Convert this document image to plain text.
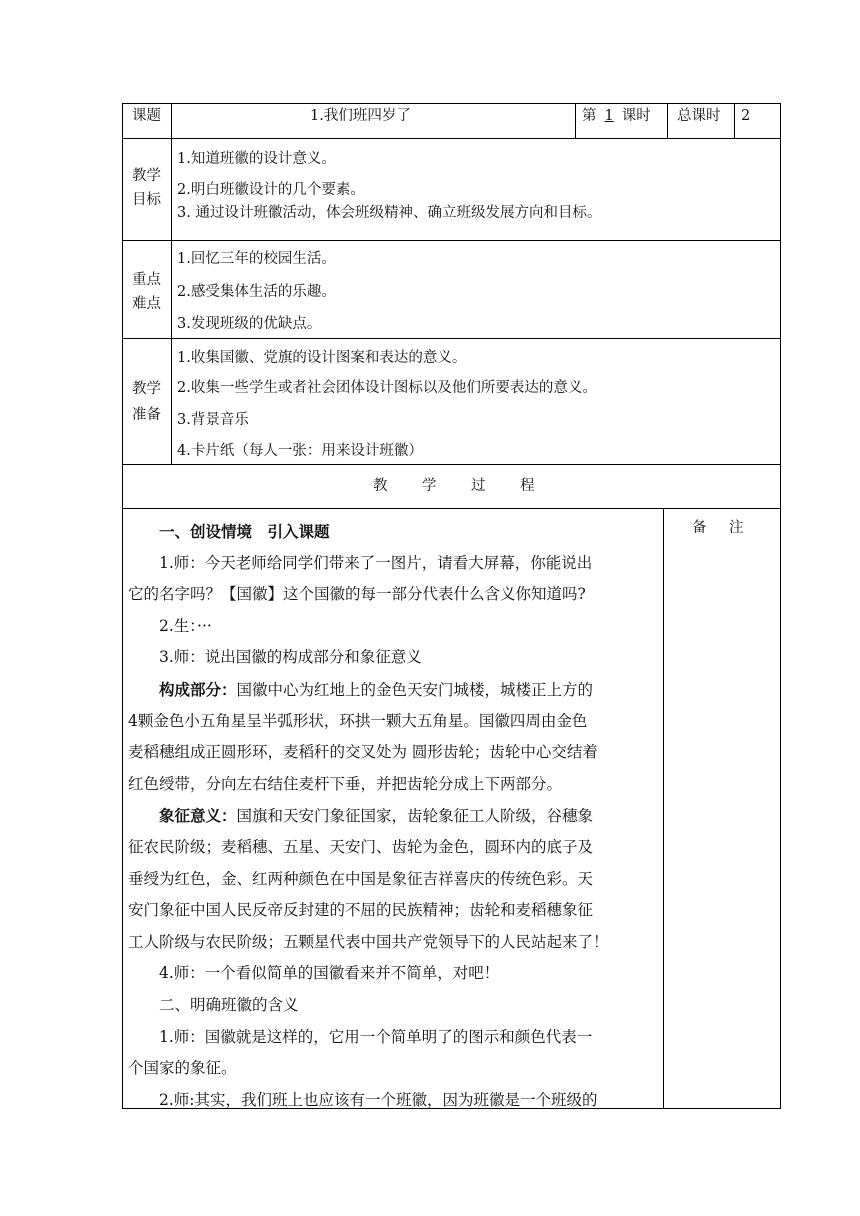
课题	1.我们班四岁了	第 1 课时 总课时 2
教学
目标
1.知道班徽的设计意义。
2.明白班徽设计的几个要素。
3. 通过设计班徽活动，体会班级精神、确立班级发展方向和目标。
重点
难点
1.回忆三年的校园生活。
2.感受集体生活的乐趣。
3.发现班级的优缺点。
教学
准备
1.收集国徽、党旗的设计图案和表达的意义。
2.收集一些学生或者社会团体设计图标以及他们所要表达的意义。
3.背景音乐
4.卡片纸（每人一张：用来设计班徽）
教　学　过　程
备　注

一、创设情境　引入课题

1.师：今天老师给同学们带来了一图片，请看大屏幕，你能说出

它的名字吗？【国徽】这个国徽的每一部分代表什么含义你知道吗?

2.生：···

3.师：说出国徽的构成部分和象征意义

构成部分：国徽中心为红地上的金色天安门城楼，城楼正上方的

4颗金色小五角星呈半弧形状，环拱一颗大五角星。国徽四周由金色

麦稻穗组成正圆形环，麦稻秆的交叉处为 圆形齿轮；齿轮中心交结着

红色绶带，分向左右结住麦杆下垂，并把齿轮分成上下两部分。

象征意义：国旗和天安门象征国家，齿轮象征工人阶级，谷穗象

征农民阶级；麦稻穗、五星、天安门、齿轮为金色，圆环内的底子及

垂绶为红色，金、红两种颜色在中国是象征吉祥喜庆的传统色彩。天

安门象征中国人民反帝反封建的不屈的民族精神；齿轮和麦稻穗象征

工人阶级与农民阶级；五颗星代表中国共产党领导下的人民站起来了！

4.师：一个看似简单的国徽看来并不简单，对吧！

二、明确班徽的含义

1.师：国徽就是这样的，它用一个简单明了的图示和颜色代表一

个国家的象征。

2.师:其实，我们班上也应该有一个班徽，因为班徽是一个班级的
